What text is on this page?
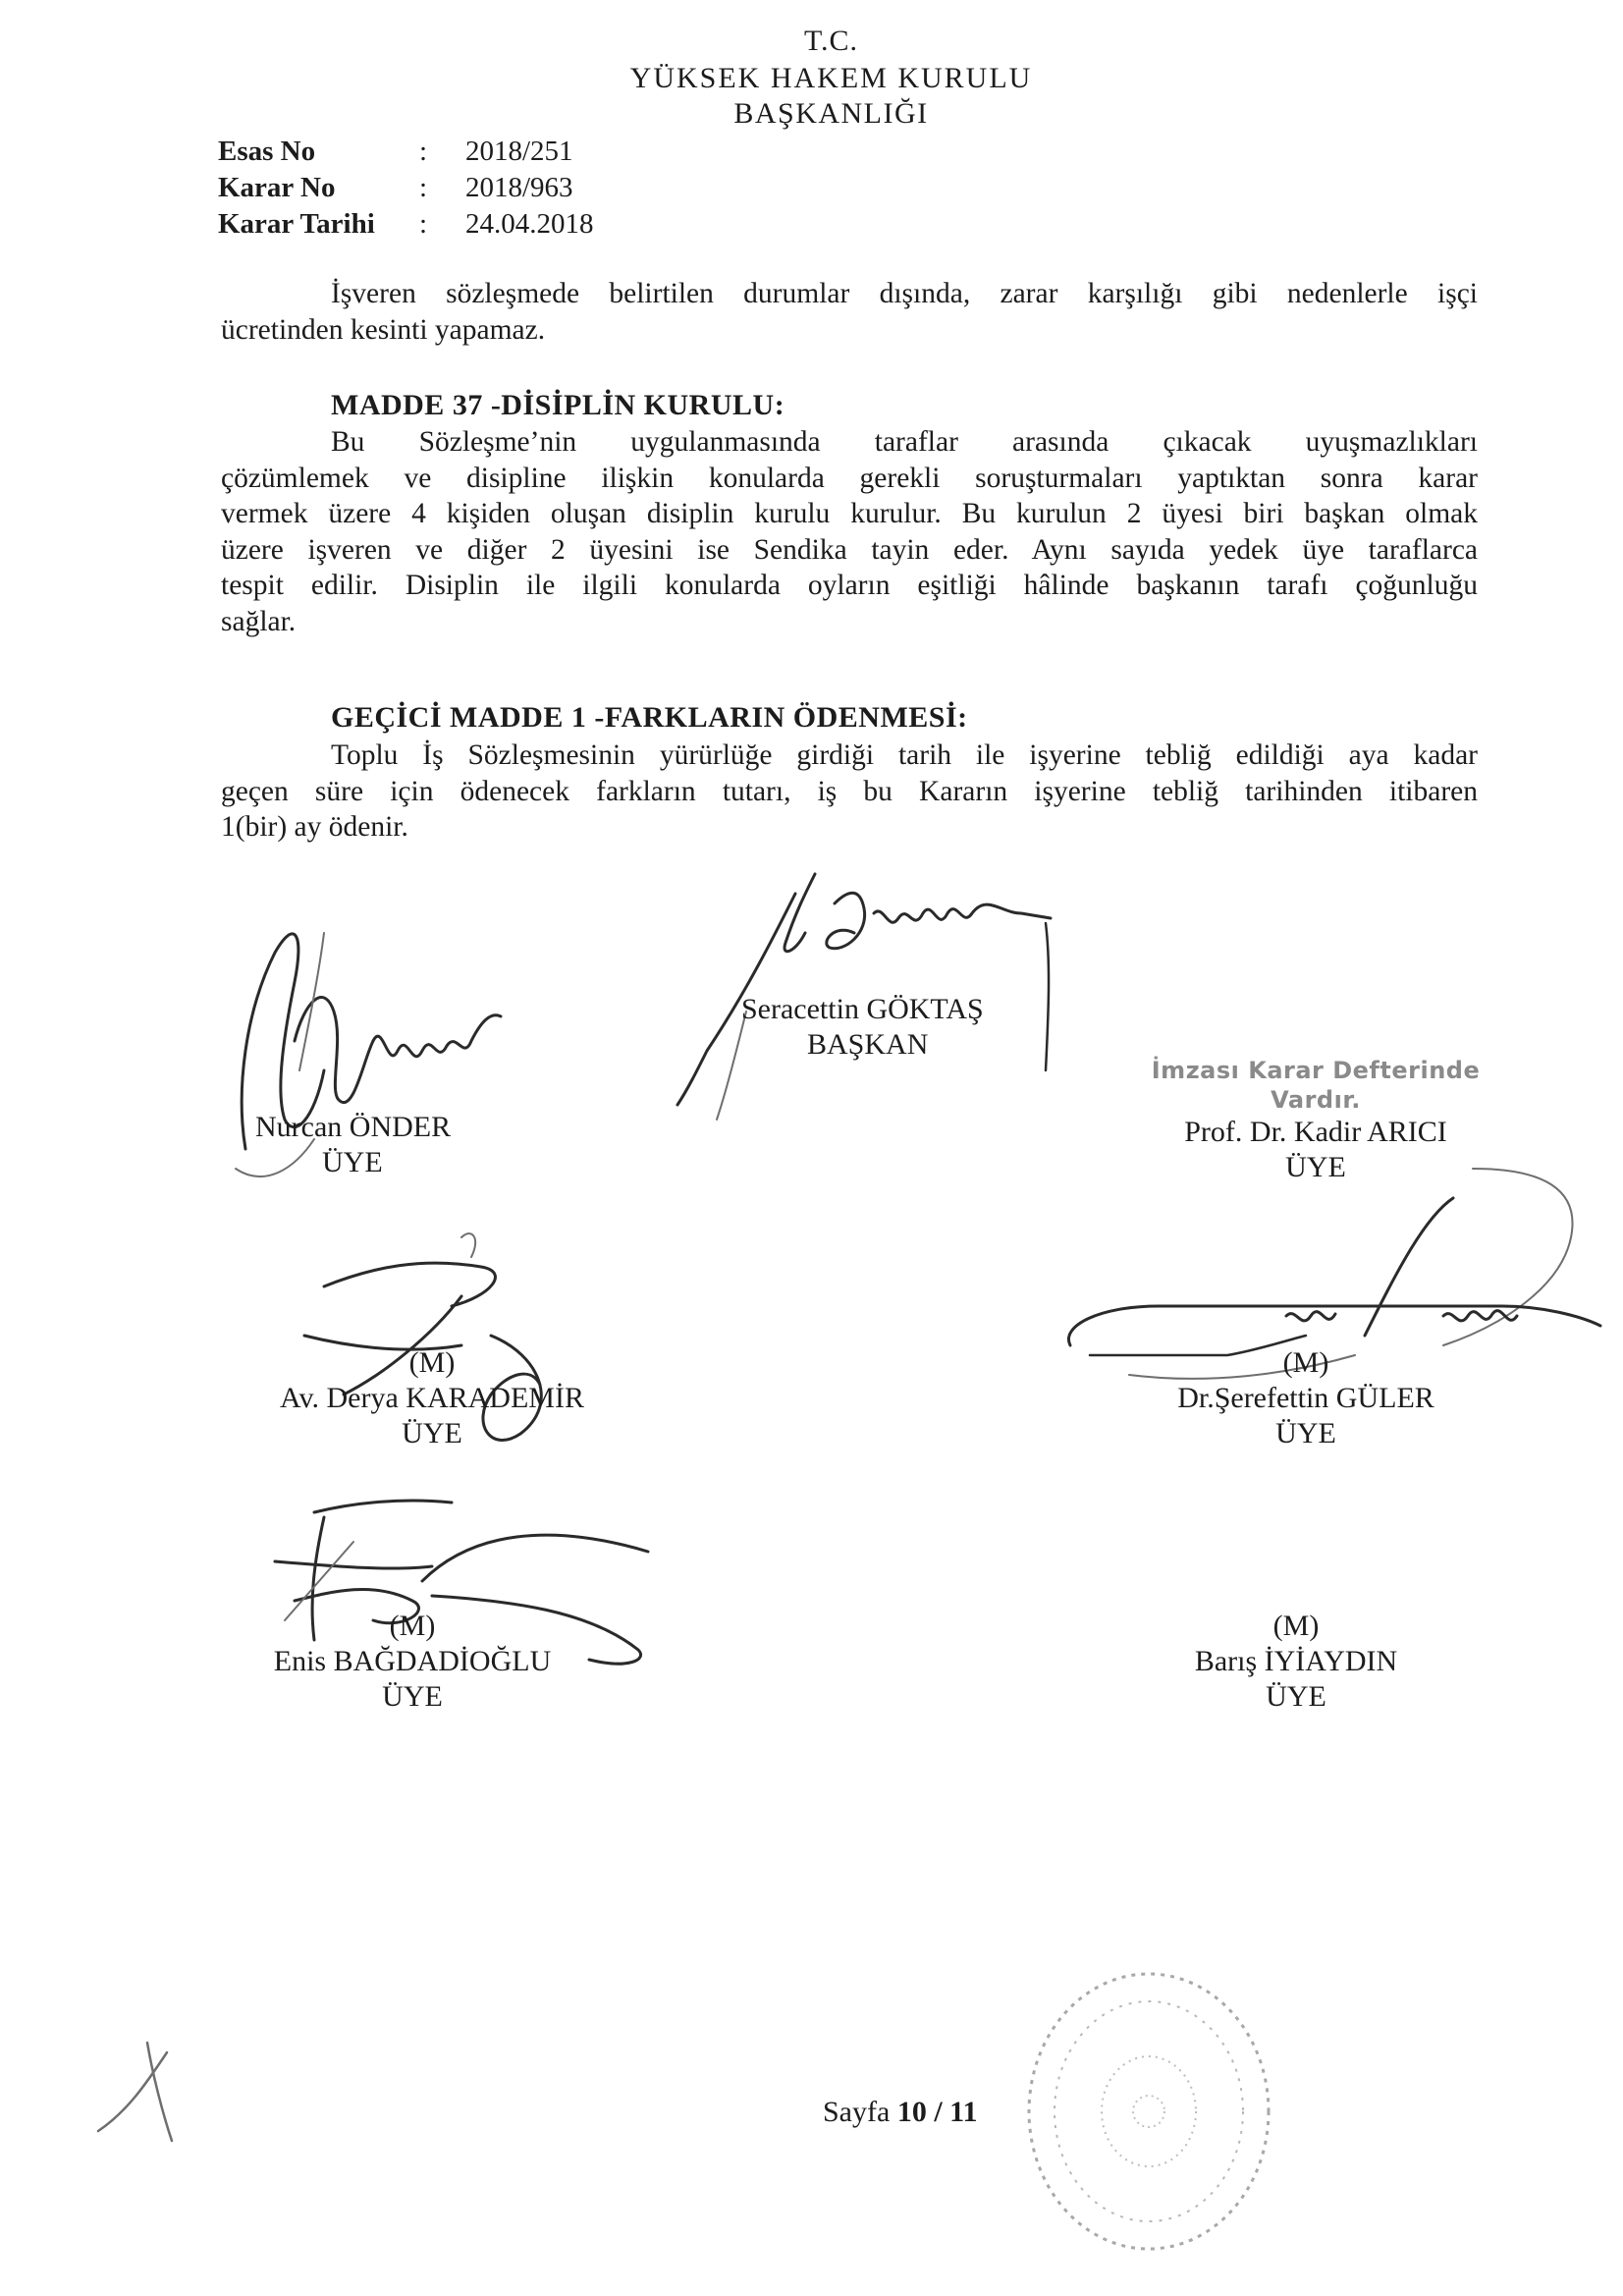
T.C.
YÜKSEK HAKEM KURULU
BAŞKANLIĞI
Esas No	: 2018/251
Karar No	: 2018/963
Karar Tarihi : 24.04.2018
İşveren sözleşmede belirtilen durumlar dışında, zarar karşılığı gibi nedenlerle işçi
ücretinden kesinti yapamaz.
MADDE 37 -DİSİPLİN KURULU:
Bu Sözleşme’nin uygulanmasında taraflar arasında çıkacak uyuşmazlıkları
çözümlemek ve disipline ilişkin konularda gerekli soruşturmaları yaptıktan sonra karar
vermek üzere 4 kişiden oluşan disiplin kurulu kurulur. Bu kurulun 2 üyesi biri başkan olmak
üzere işveren ve diğer 2 üyesini ise Sendika tayin eder. Aynı sayıda yedek üye taraflarca
tespit edilir. Disiplin ile ilgili konularda oyların eşitliği hâlinde başkanın tarafı çoğunluğu
sağlar.
GEÇİCİ MADDE 1 -FARKLARIN ÖDENMESİ:
Toplu İş Sözleşmesinin yürürlüğe girdiği tarih ile işyerine tebliğ edildiği aya kadar
geçen süre için ödenecek farkların tutarı, iş bu Kararın işyerine tebliğ tarihinden itibaren
1(bir) ay ödenir.
Seracettin GÖKTAŞ
BAŞKAN
Nurcan ÖNDER
ÜYE
İmzası Karar Defterinde
Vardır.
Prof. Dr. Kadir ARICI
ÜYE
(M)
Av. Derya KARADEMİR
ÜYE
(M)
Dr.Şerefettin GÜLER
ÜYE
(M)
Enis BAĞDADİOĞLU
ÜYE
(M)
Barış İYİAYDIN
ÜYE
Sayfa 10 / 11
